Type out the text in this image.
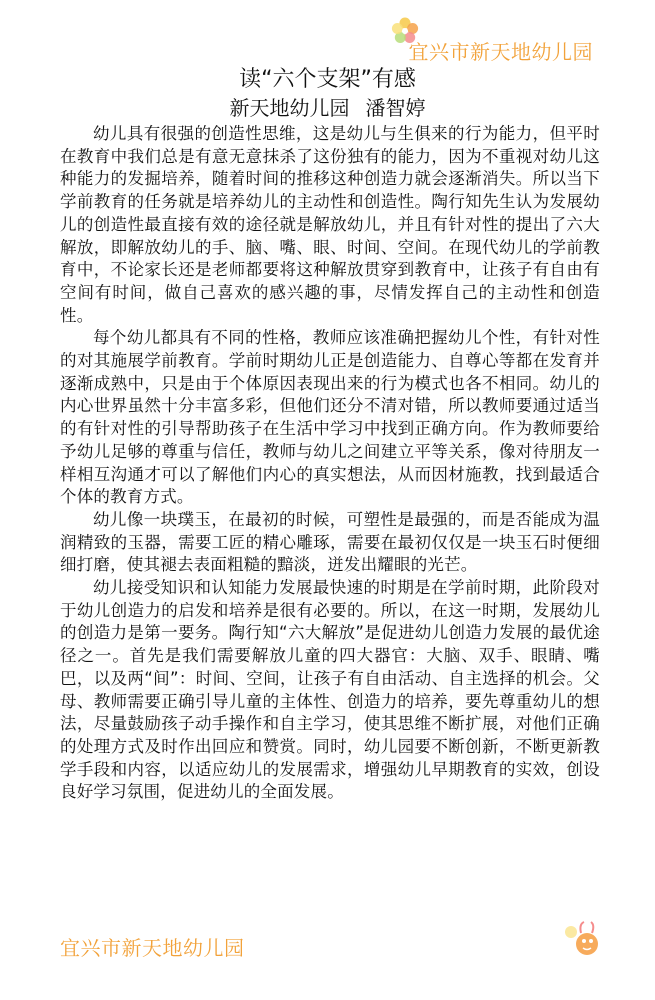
宜兴市新天地幼儿园
读“六个支架”有感
新天地幼儿园 潘智婷

幼儿具有很强的创造性思维，这是幼儿与生俱来的行为能力，但平时在教育中我们总是有意无意抹杀了这份独有的能力，因为不重视对幼儿这种能力的发掘培养，随着时间的推移这种创造力就会逐渐消失。所以当下学前教育的任务就是培养幼儿的主动性和创造性。陶行知先生认为发展幼儿的创造性最直接有效的途径就是解放幼儿，并且有针对性的提出了六大解放，即解放幼儿的手、脑、嘴、眼、时间、空间。在现代幼儿的学前教育中，不论家长还是老师都要将这种解放贯穿到教育中，让孩子有自由有空间有时间，做自己喜欢的感兴趣的事，尽情发挥自己的主动性和创造性。

每个幼儿都具有不同的性格，教师应该准确把握幼儿个性，有针对性的对其施展学前教育。学前时期幼儿正是创造能力、自尊心等都在发育并逐渐成熟中，只是由于个体原因表现出来的行为模式也各不相同。幼儿的内心世界虽然十分丰富多彩，但他们还分不清对错，所以教师要通过适当的有针对性的引导帮助孩子在生活中学习中找到正确方向。作为教师要给予幼儿足够的尊重与信任，教师与幼儿之间建立平等关系，像对待朋友一样相互沟通才可以了解他们内心的真实想法，从而因材施教，找到最适合个体的教育方式。

幼儿像一块璞玉，在最初的时候，可塑性是最强的，而是否能成为温润精致的玉器，需要工匠的精心雕琢，需要在最初仅仅是一块玉石时便细细打磨，使其褪去表面粗糙的黯淡，迸发出耀眼的光芒。

幼儿接受知识和认知能力发展最快速的时期是在学前时期，此阶段对于幼儿创造力的启发和培养是很有必要的。所以，在这一时期，发展幼儿的创造力是第一要务。陶行知“六大解放”是促进幼儿创造力发展的最优途径之一。首先是我们需要解放儿童的四大器官：大脑、双手、眼睛、嘴巴，以及两“间”：时间、空间，让孩子有自由活动、自主选择的机会。父母、教师需要正确引导儿童的主体性、创造力的培养，要先尊重幼儿的想法，尽量鼓励孩子动手操作和自主学习，使其思维不断扩展，对他们正确的处理方式及时作出回应和赞赏。同时，幼儿园要不断创新，不断更新教学手段和内容，以适应幼儿的发展需求，增强幼儿早期教育的实效，创设良好学习氛围，促进幼儿的全面发展。

宜兴市新天地幼儿园
